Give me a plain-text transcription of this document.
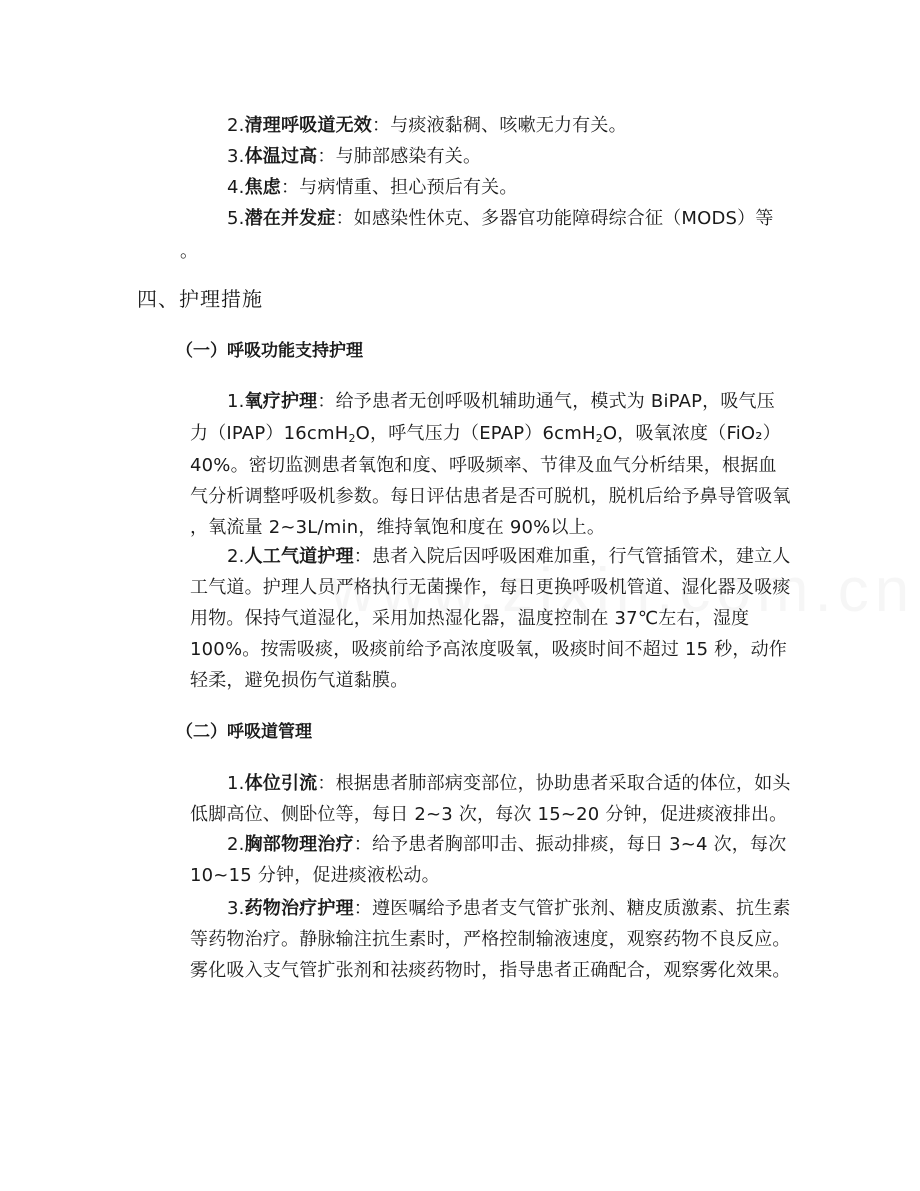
2.清理呼吸道无效：与痰液黏稠、咳嗽无力有关。
3.体温过高：与肺部感染有关。
4.焦虑：与病情重、担心预后有关。
5.潜在并发症：如感染性休克、多器官功能障碍综合征（MODS）等
。
四、护理措施
（一）呼吸功能支持护理
1.氧疗护理：给予患者无创呼吸机辅助通气，模式为 BiPAP，吸气压
力（IPAP）16cmH$_2$O，呼气压力（EPAP）6cmH$_2$O，吸氧浓度（FiO₂）
40%。密切监测患者氧饱和度、呼吸频率、节律及血气分析结果，根据血
气分析调整呼吸机参数。每日评估患者是否可脱机，脱机后给予鼻导管吸氧
，氧流量 2~3L/min，维持氧饱和度在 90%以上。
2.人工气道护理：患者入院后因呼吸困难加重，行气管插管术，建立人
工气道。护理人员严格执行无菌操作，每日更换呼吸机管道、湿化器及吸痰
用物。保持气道湿化，采用加热湿化器，温度控制在 37℃左右，湿度
100%。按需吸痰，吸痰前给予高浓度吸氧，吸痰时间不超过 15 秒，动作
轻柔，避免损伤气道黏膜。
（二）呼吸道管理
1.体位引流：根据患者肺部病变部位，协助患者采取合适的体位，如头
低脚高位、侧卧位等，每日 2~3 次，每次 15~20 分钟，促进痰液排出。
2.胸部物理治疗：给予患者胸部叩击、振动排痰，每日 3~4 次，每次
10~15 分钟，促进痰液松动。
3.药物治疗护理：遵医嘱给予患者支气管扩张剂、糖皮质激素、抗生素
等药物治疗。静脉输注抗生素时，严格控制输液速度，观察药物不良反应。
雾化吸入支气管扩张剂和祛痰药物时，指导患者正确配合，观察雾化效果。
